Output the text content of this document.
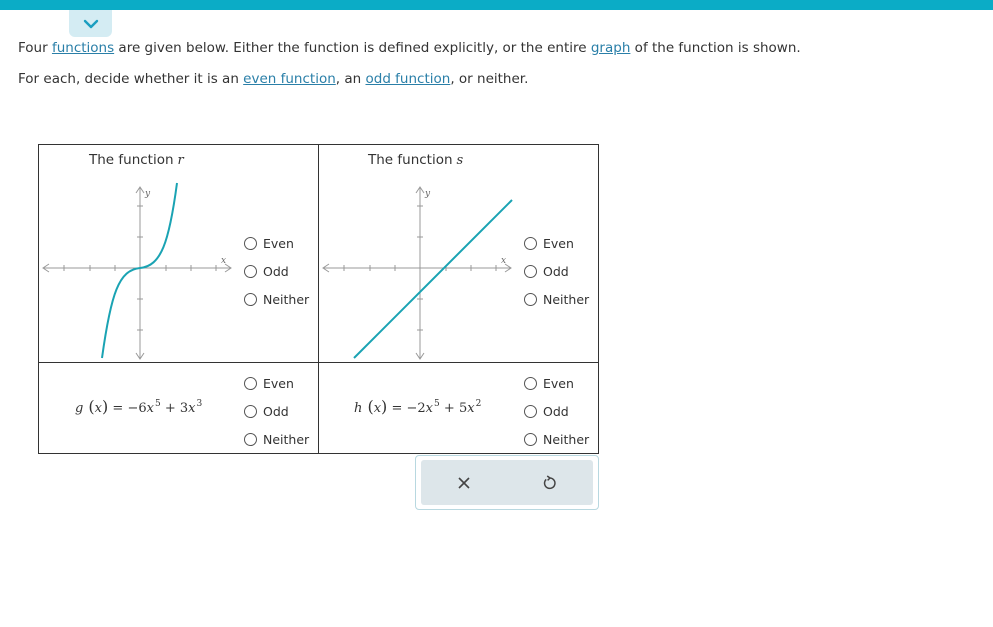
Four functions are given below. Either the function is defined explicitly, or the entire graph of the function is shown.

For each, decide whether it is an even function, an odd function, or neither.

The function r
y
x
Even
Odd
Neither
The function s
y
x
Even
Odd
Neither
g $(x) = -6x^5 + 3x^3$
Even
Odd
Neither
h $(x) = -2x^5 + 5x^2$
Even
Odd
Neither
